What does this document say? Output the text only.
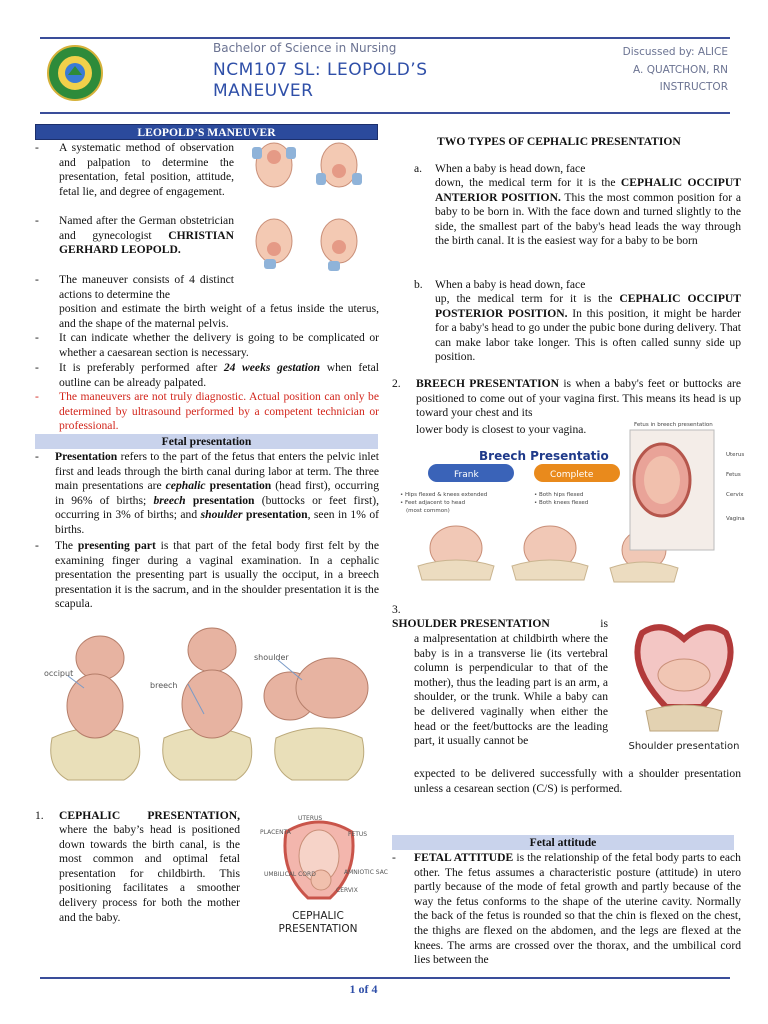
Bachelor of Science in Nursing
NCM107 SL: LEOPOLD’S MANEUVER
Discussed by: ALICE A. QUATCHON, RN INSTRUCTOR
LEOPOLD’S MANEUVER
-	A systematic method of observation and palpation to determine the presentation, fetal position, attitude, fetal lie, and degree of engagement.
-	Named after the German obstetrician and gynecologist CHRISTIAN GERHARD LEOPOLD.
-	The maneuver consists of 4 distinct actions to determine the
position and estimate the birth weight of a fetus inside the uterus, and the shape of the maternal pelvis.
-	It can indicate whether the delivery is going to be complicated or whether a caesarean section is necessary.
-	It is preferably performed after 24 weeks gestation when fetal outline can be already palpated.
-	The maneuvers are not truly diagnostic. Actual position can only be determined by ultrasound performed by a competent technician or professional.
Fetal presentation
-	Presentation refers to the part of the fetus that enters the pelvic inlet first and leads through the birth canal during labor at term. The three main presentations are cephalic presentation (head first), occurring in 96% of births; breech presentation (buttocks or feet first), occurring in 3% of births; and shoulder presentation, seen in 1% of births.
-	The presenting part is that part of the fetal body first felt by the examining finger during a vaginal examination. In a cephalic presentation the presenting part is usually the occiput, in a breech presentation it is the sacrum, and in the shoulder presentation it is the scapula.
occiput
breech
shoulder
1. CEPHALIC PRESENTATION,
where the baby’s head is positioned down towards the birth canal, is the most common and optimal fetal presentation for childbirth. This positioning facilitates a smoother delivery process for both the mother and the baby.
UTERUS
PLACENTA	FETUS
UMBILICAL CORD	AMNIOTIC SAC
CERVIX
CEPHALIC PRESENTATION
TWO TYPES OF CEPHALIC PRESENTATION
a. When a baby is head down, face
down, the medical term for it is the CEPHALIC OCCIPUT ANTERIOR POSITION. This the most common position for a baby to be born in. With the face down and turned slightly to the side, the smallest part of the baby's head leads the way through the birth canal. It is the easiest way for a baby to be born
b. When a baby is head down, face
up, the medical term for it is the CEPHALIC OCCIPUT POSTERIOR POSITION. In this position, it might be harder for a baby's head to go under the pubic bone during delivery. That can make labor take longer. This is often called sunny side up position.
2. BREECH PRESENTATION is when a baby's feet or buttocks are positioned to come out of your vagina first. This means its head is up toward your chest and its
lower body is closest to your vagina.
Breech Presentatio
Frank	Complete
• Hips flexed & knees extended
• Feet adjacent to head
(most common)
• Both hips flexed
• Both knees flexed
Fetus in breech presentation
Uterus
Fetus
Cervix
Vagina
3.
SHOULDER PRESENTATION	is
a malpresentation at childbirth where the baby is in a transverse lie (its vertebral column is perpendicular to that of the mother), thus the leading part is an arm, a shoulder, or the trunk. While a baby can be delivered vaginally when either the head or the feet/buttocks are the leading part, it usually cannot be
expected to be delivered successfully with a shoulder presentation unless a cesarean section (C/S) is performed.
Shoulder presentation
Fetal attitude
-	FETAL ATTITUDE is the relationship of the fetal body parts to each other. The fetus assumes a characteristic posture (attitude) in utero partly because of the mode of fetal growth and partly because of the way the fetus conforms to the shape of the uterine cavity. Normally the back of the fetus is rounded so that the chin is flexed on the chest, the thighs are flexed on the abdomen, and the legs are flexed at the knees. The arms are crossed over the thorax, and the umbilical cord lies between the
1 of 4
